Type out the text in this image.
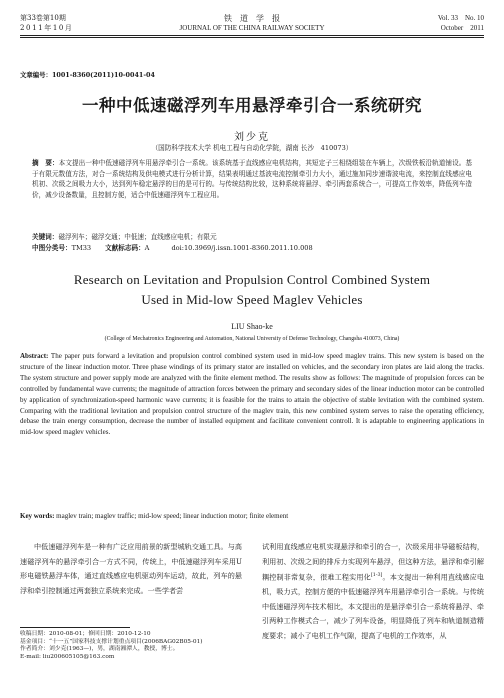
第33卷第10期
2011年10月
铁　道　学　报
JOURNAL OF THE CHINA RAILWAY SOCIETY
Vol. 33　No. 10
October　2011
文章编号：1001-8360(2011)10-0041-04
一种中低速磁浮列车用悬浮牵引合一系统研究
刘少克
（国防科学技术大学 机电工程与自动化学院，湖南 长沙　410073）
摘　要：本文提出一种中低速磁浮列车用悬浮牵引合一系统。该系统基于直线感应电机结构，其短定子三相绕组装在车辆上，次级铁板沿轨道铺设。基于有限元数值方法，对合一系统结构及供电模式进行分析计算，结果表明通过基波电流控制牵引力大小，通过施加同步速谐波电流，来控制直线感应电机初、次级之间吸力大小，达到列车稳定悬浮的目的是可行的。与传统结构比较，这种系统将悬浮、牵引两套系统合一，可提高工作效率，降低列车造价，减少设备数量，且控制方便，适合中低速磁浮列车工程应用。
关键词：磁浮列车；磁浮交通；中低速；直线感应电机；有限元
中图分类号：TM33 文献标志码：A	doi:10.3969/j.issn.1001-8360.2011.10.008
Research on Levitation and Propulsion Control Combined System
Used in Mid-low Speed Maglev Vehicles
LIU Shao-ke
(College of Mechatronics Engineering and Automation, National University of Defense Technology, Changsha 410073, China)
Abstract: The paper puts forward a levitation and propulsion control combined system used in mid-low speed maglev trains. This new system is based on the structure of the linear induction motor. Three phase windings of its primary stator are installed on vehicles, and the secondary iron plates are laid along the tracks. The system structure and power supply mode are analyzed with the finite element method. The results show as follows: The magnitude of propulsion forces can be controlled by fundamental wave currents; the magnitude of attraction forces between the primary and secondary sides of the linear induction motor can be controlled by application of synchronization-speed harmonic wave currents; it is feasible for the trains to attain the objective of stable levitation with the combined system. Comparing with the traditional levitation and propulsion control structure of the maglev train, this new combined system serves to raise the operating efficiency, debase the train energy consumption, decrease the number of installed equipment and facilitate convenient controll. It is adaptable to engineering applications in mid-low speed maglev vehicles.
Key words: maglev train; maglev traffic; mid-low speed; linear induction motor; finite element
中低速磁浮列车是一种有广泛应用前景的新型城轨交通工具。与高速磁浮列车的悬浮牵引合一方式不同，传统上，中低速磁浮列车采用U形电磁铁悬浮车体，通过直线感应电机驱动列车运动，故此，列车的悬浮和牵引控制通过两套独立系统来完成。一些学者尝
试利用直线感应电机实现悬浮和牵引的合一，次级采用非导磁板结构，利用初、次级之间的排斥力实现列车悬浮，但这种方法，悬浮和牵引解耦控制非常复杂，很难工程实用化[1-3]。本文提出一种利用直线感应电机，吸力式，控制方便的中低速磁浮列车用悬浮牵引合一系统。与传统中低速磁浮列车技术相比，本文提出的是悬浮牵引合一系统将悬浮、牵引两种工作模式合一，减少了列车设备，明显降低了列车和轨道制造精度要求；减小了电机工作气隙，提高了电机的工作效率，从
收稿日期：2010-08-01；修回日期：2010-12-10
基金项目：“十一五”国家科技支撑计划重点项目(2006BAG02B05-01)
作者简介：刘少克(1963—)，男，湖南湘潭人，教授，博士。
E-mail: liu200605105@163.com
